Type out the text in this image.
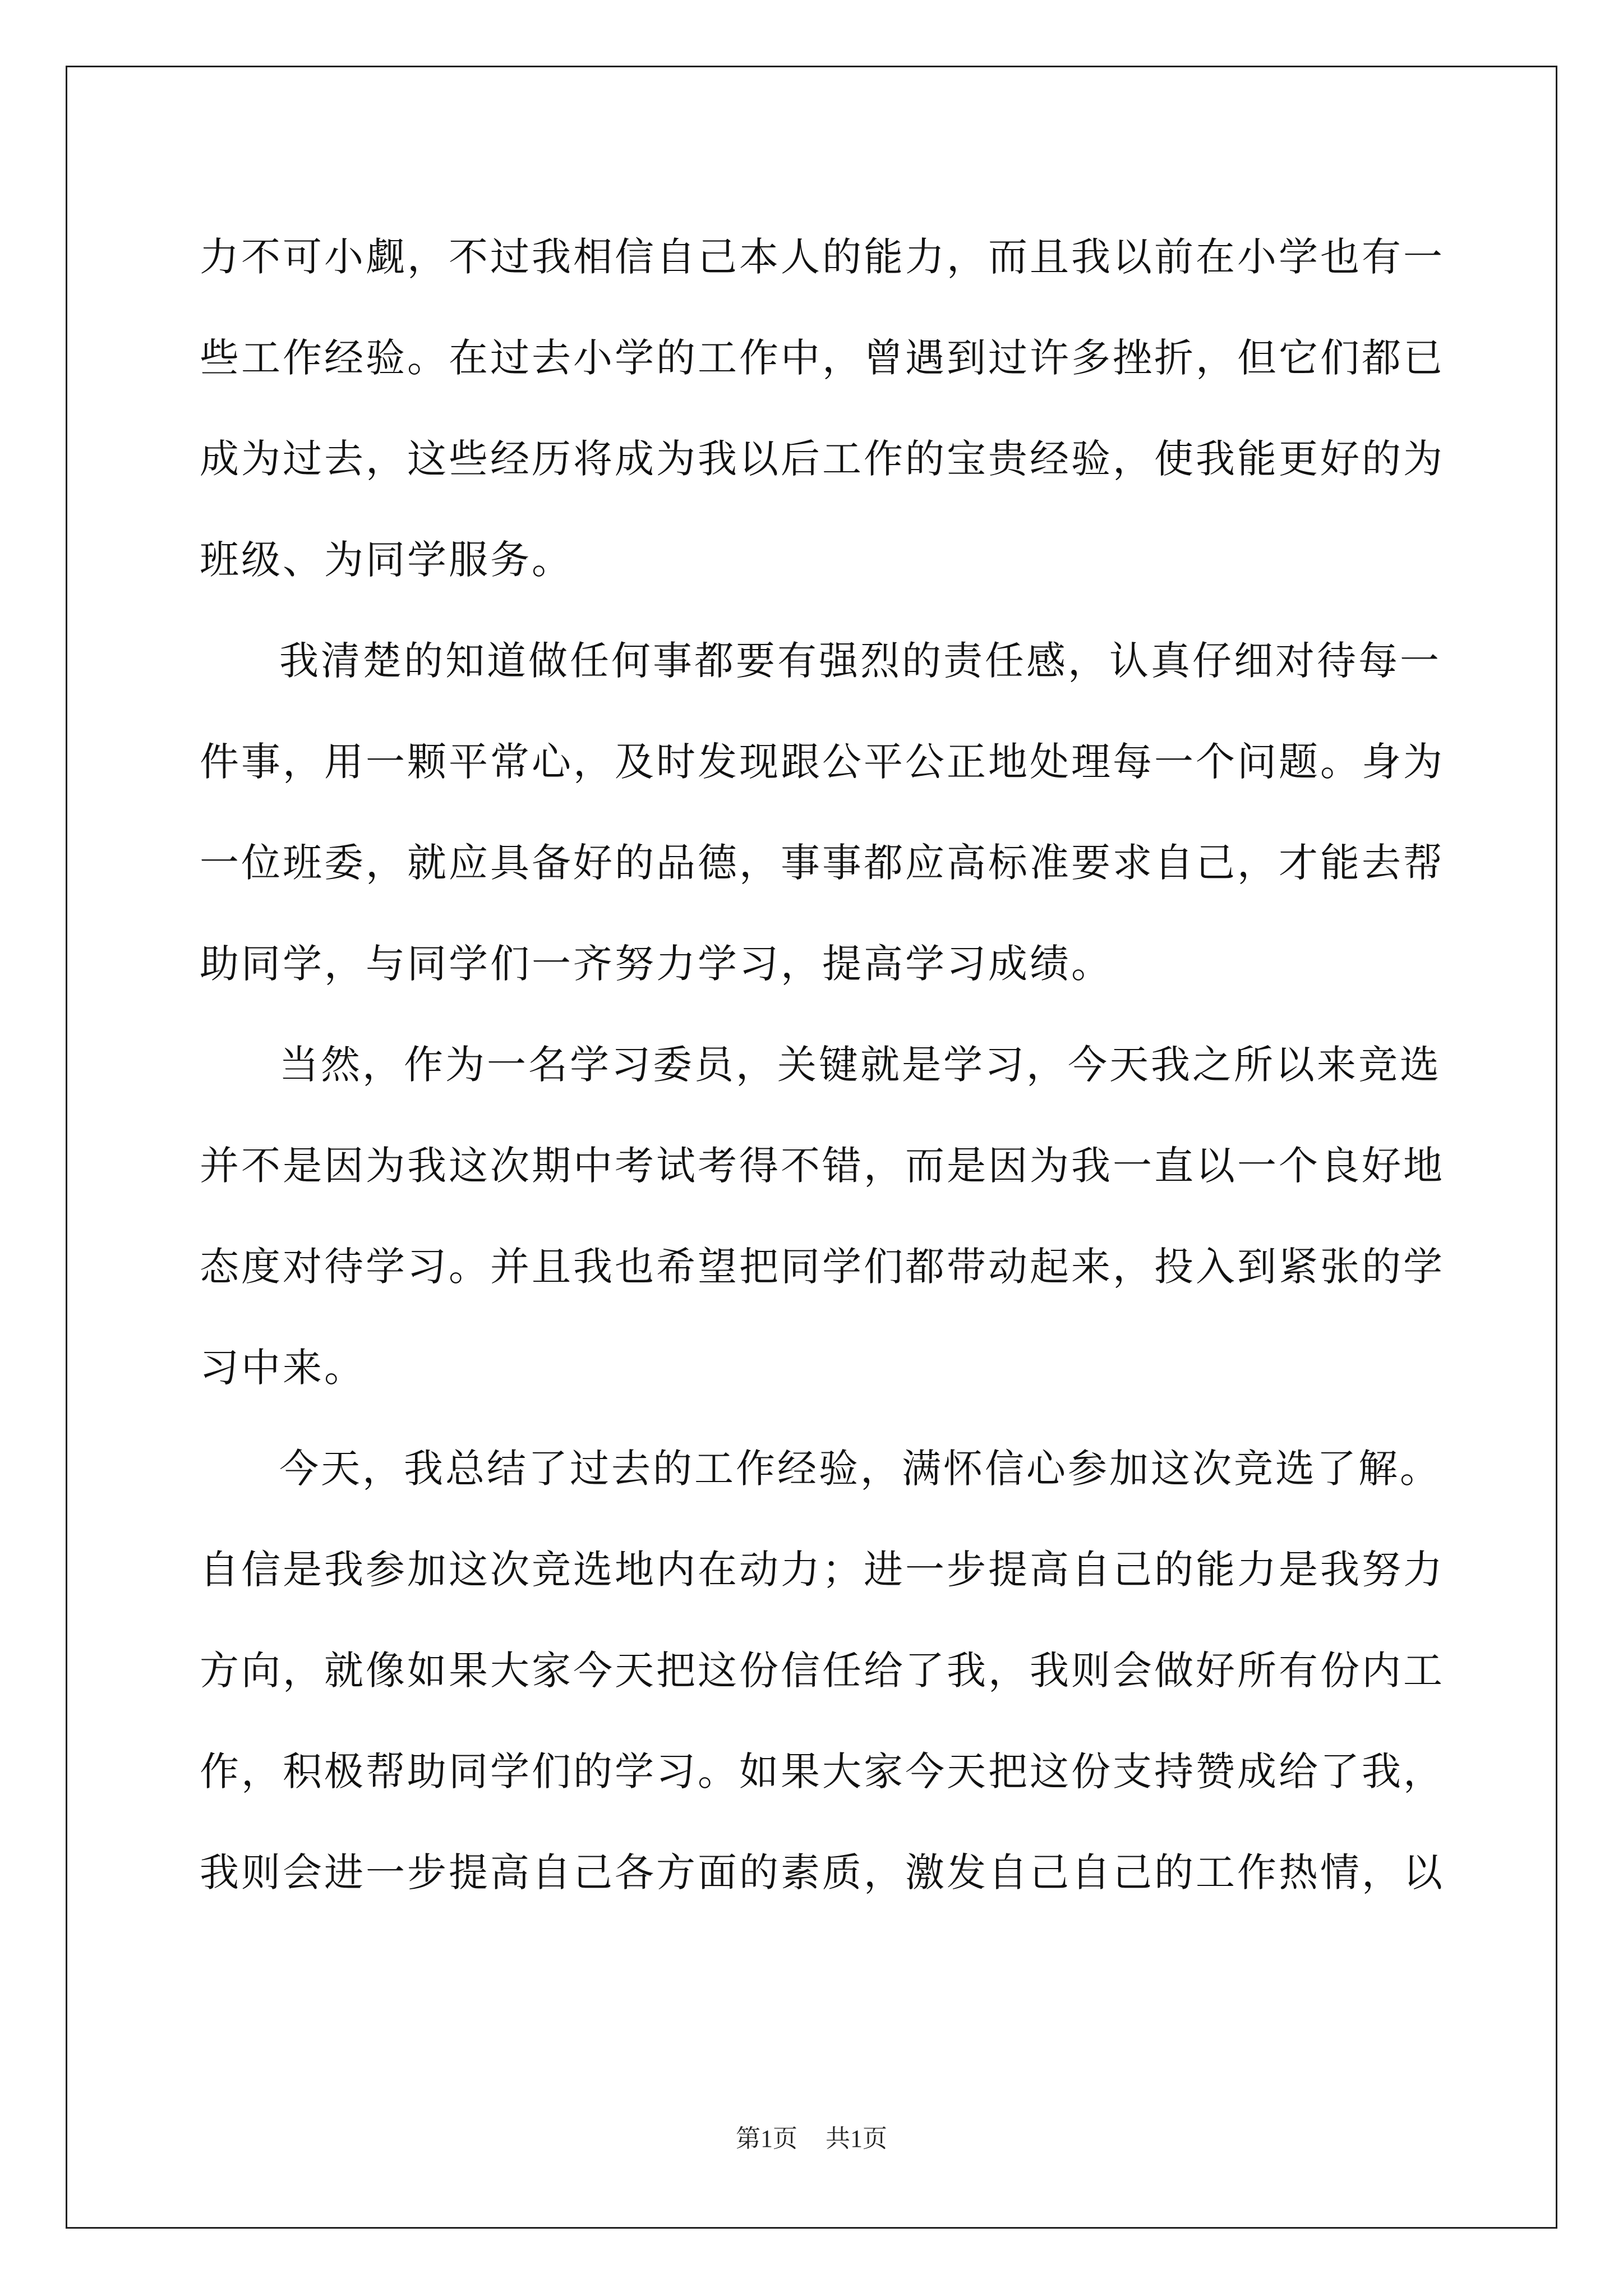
力不可小觑，不过我相信自己本人的能力，而且我以前在小学也有一
些工作经验。在过去小学的工作中，曾遇到过许多挫折，但它们都已
成为过去，这些经历将成为我以后工作的宝贵经验，使我能更好的为
班级、为同学服务。
我清楚的知道做任何事都要有强烈的责任感，认真仔细对待每一
件事，用一颗平常心，及时发现跟公平公正地处理每一个问题。身为
一位班委，就应具备好的品德，事事都应高标准要求自己，才能去帮
助同学，与同学们一齐努力学习，提高学习成绩。
当然，作为一名学习委员，关键就是学习，今天我之所以来竞选
并不是因为我这次期中考试考得不错，而是因为我一直以一个良好地
态度对待学习。并且我也希望把同学们都带动起来，投入到紧张的学
习中来。
今天，我总结了过去的工作经验，满怀信心参加这次竞选了解。
自信是我参加这次竞选地内在动力；进一步提高自己的能力是我努力
方向，就像如果大家今天把这份信任给了我，我则会做好所有份内工
作，积极帮助同学们的学习。如果大家今天把这份支持赞成给了我，
我则会进一步提高自己各方面的素质，激发自己自己的工作热情，以
第1页 共1页
